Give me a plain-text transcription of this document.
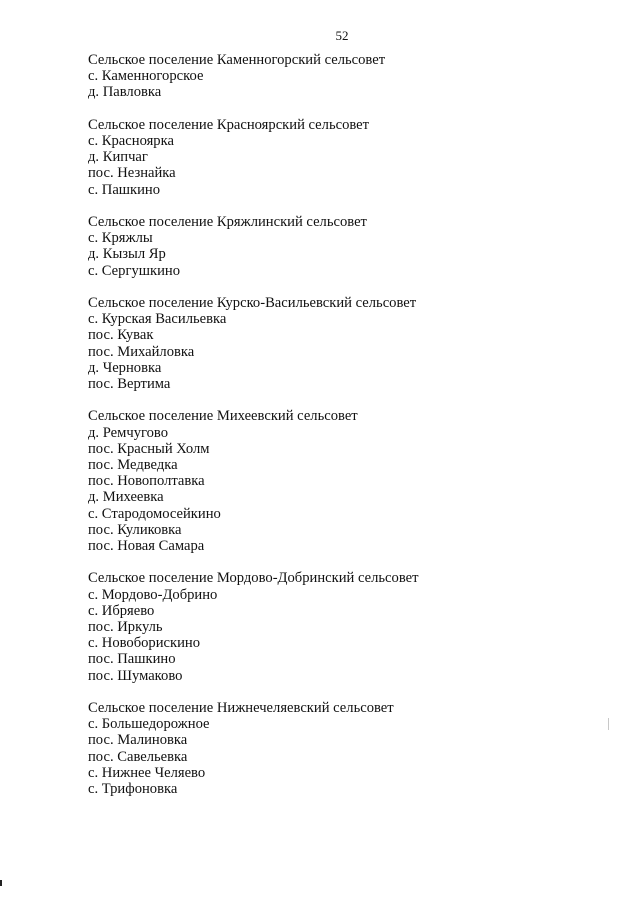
52

Сельское поселение Каменногорский сельсовет

с. Каменногорское
д. Павловка

Сельское поселение Красноярский сельсовет

с. Красноярка
д. Кипчаг
пос. Незнайка
с. Пашкино

Сельское поселение Кряжлинский сельсовет

с. Кряжлы
д. Кызыл Яр
с. Сергушкино

Сельское поселение Курско-Васильевский сельсовет

с. Курская Васильевка
пос. Кувак
пос. Михайловка
д. Черновка
пос. Вертима

Сельское поселение Михеевский сельсовет

д. Ремчугово
пос. Красный Холм
пос. Медведка
пос. Новополтавка
д. Михеевка
с. Стародомосейкино
пос. Куликовка
пос. Новая Самара

Сельское поселение Мордово-Добринский сельсовет

с. Мордово-Добрино
с. Ибряево
пос. Иркуль
с. Новоборискино
пос. Пашкино
пос. Шумаково

Сельское поселение Нижнечеляевский сельсовет

с. Большедорожное
пос. Малиновка
пос. Савельевка
с. Нижнее Челяево
с. Трифоновка
